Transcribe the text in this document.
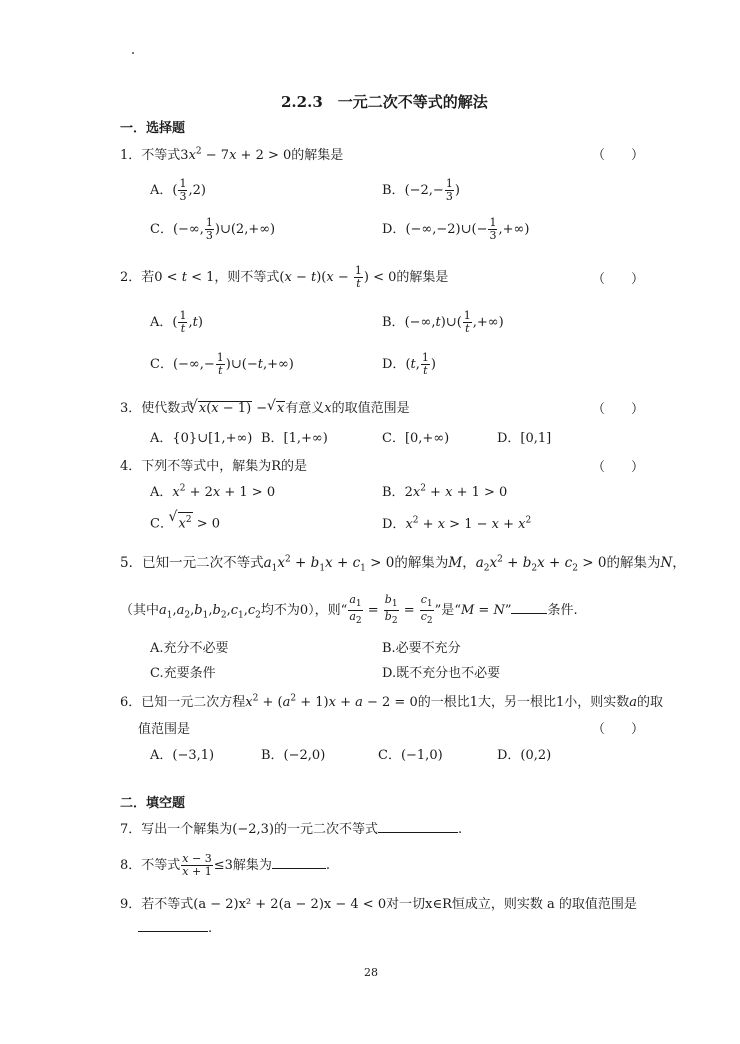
2.2.3　一元二次不等式的解法
一．选择题
1．不等式$3x^2 - 7x + 2 > 0$的解集是	（　　）
A．( $\frac{1}{3} ,2$)	B．($-2,- \frac{1}{3}$ )
C．(−∞, $\frac{1}{3}$ )∪(2,+∞)	D．(−∞,−2)∪(− $\frac{1}{3}$ ,+∞)
2．若0 < t < 1，则不等式$(x - t)(x - \frac{1}{t}$ ) < 0的解集是	（　　）
A．( $\frac{1}{t} ,t$)	B．(−∞,t)∪( $\frac{1}{t}$ ,+∞)
C．(−∞,− $\frac{1}{t}$ )∪(−t,+∞)	D．(t, $\frac{1}{t}$ )
3．使代数式   √ x(x − 1) −   √ x有意义x的取值范围是	（　　）
A．{0}∪[1,+∞) B．[1,+∞)	C．[0,+∞)	D．[0,1]
4．下列不等式中，解集为R的是	（　　）
A．$x^2 + 2x + 1 > 0$	B．$2x^2 + x + 1 > 0$
C．   √ $x^2 > 0$	D．$x^2 + x > 1 - x + x^2$
5．已知一元二次不等式$a_1x^2 + b_1x + c_1 > 0$的解集为M，$a_2x^2 + b_2x + c_2 > 0$的解集为N，
（其中$a_1,a_2,b_1,b_2,c_1,c_2$均不为0），则“ $\frac{a_1}{a_2} = \frac{b_1}{b_2} = \frac{c_1}{c_2}$ ”是“M = N”	条件.
A.充分不必要	B.必要不充分
C.充要条件	D.既不充分也不必要
6．已知一元二次方程$x^2 + (a^2 + 1)x + a - 2 = 0$的一根比1大，另一根比1小，则实数a的取
值范围是	（　　）
A．(−3,1)	B．(−2,0)	C．(−1,0)	D．(0,2)
二．填空题
7．写出一个解集为(−2,3)的一元二次不等式	.
8．不等式 $\frac{x - 3}{x + 1} \le 3$解集为	.
9．若不等式(a − 2)x² + 2(a − 2)x − 4 < 0对一切x∈R恒成立，则实数 a 的取值范围是
.
28
